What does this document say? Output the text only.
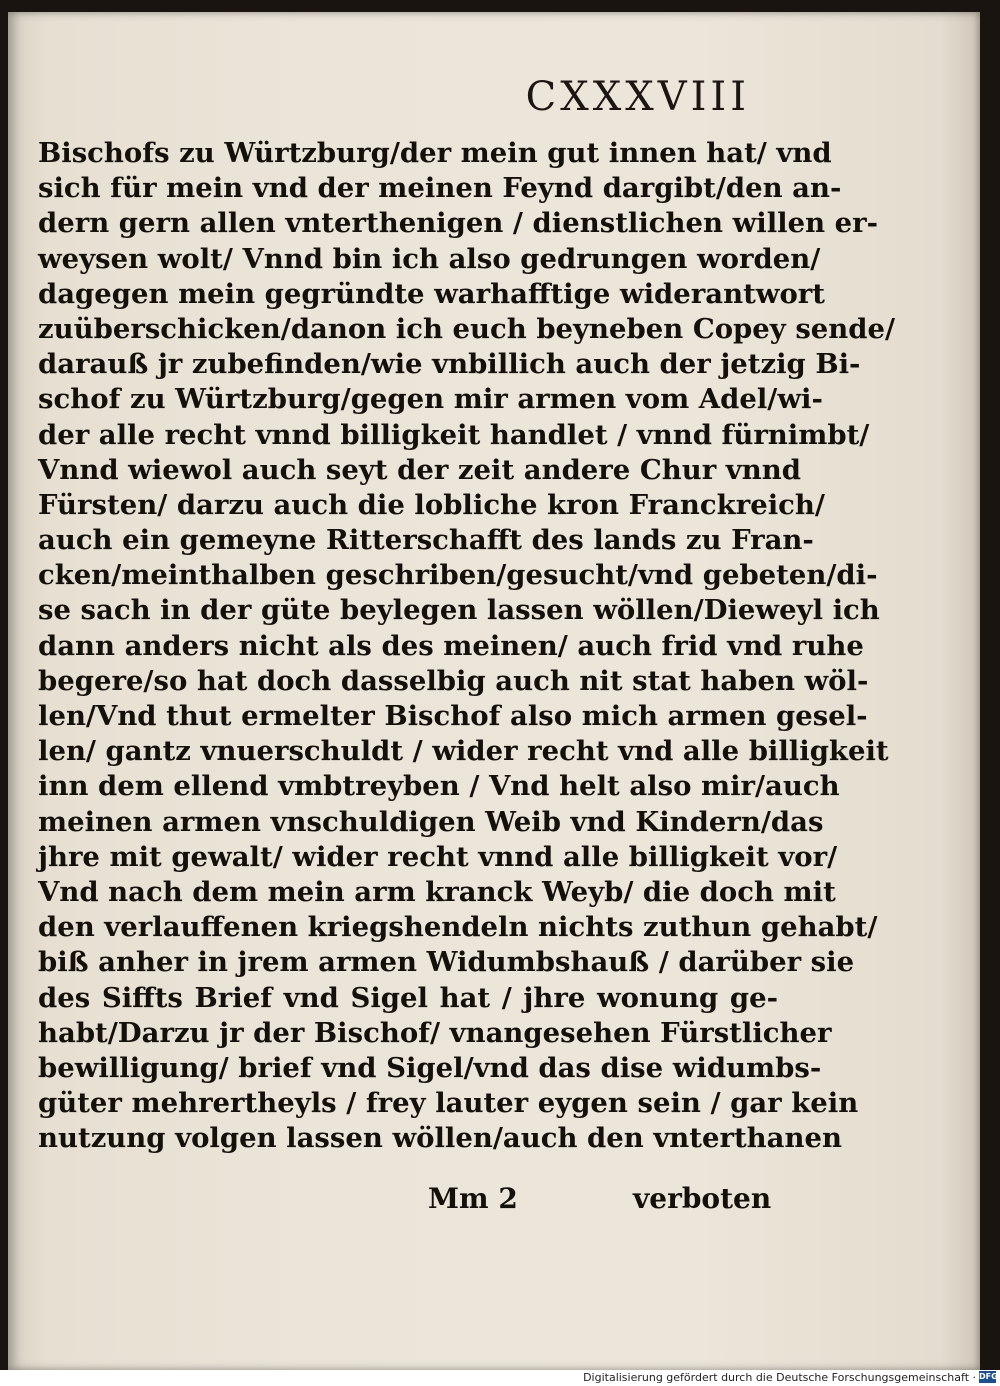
CXXXVIII
Bischofs zu Würtzburg/der mein gut innen hat/ vnd
sich für mein vnd der meinen Feynd dargibt/den an-
dern gern allen vnterthenigen / dienstlichen willen er-
weysen wolt/ Vnnd bin ich also gedrungen worden/
dagegen mein gegründte warhafftige widerantwort
zuüberschicken/danon ich euch beyneben Copey sende/
darauß jr zubefinden/wie vnbillich auch der jetzig Bi-
schof zu Würtzburg/gegen mir armen vom Adel/wi-
der alle recht vnnd billigkeit handlet / vnnd fürnimbt/
Vnnd wiewol auch seyt der zeit andere Chur vnnd
Fürsten/ darzu auch die lobliche kron Franckreich/
auch ein gemeyne Ritterschafft des lands zu Fran-
cken/meinthalben geschriben/gesucht/vnd gebeten/di-
se sach in der güte beylegen lassen wöllen/Dieweyl ich
dann anders nicht als des meinen/ auch frid vnd ruhe
begere/so hat doch dasselbig auch nit stat haben wöl-
len/Vnd thut ermelter Bischof also mich armen gesel-
len/ gantz vnuerschuldt / wider recht vnd alle billigkeit
inn dem ellend vmbtreyben / Vnd helt also mir/auch
meinen armen vnschuldigen Weib vnd Kindern/das
jhre mit gewalt/ wider recht vnnd alle billigkeit vor/
Vnd nach dem mein arm kranck Weyb/ die doch mit
den verlauffenen kriegshendeln nichts zuthun gehabt/
biß anher in jrem armen Widumbshauß / darüber sie
des Siffts Brief vnd Sigel hat / jhre wonung ge-
habt/Darzu jr der Bischof/ vnangesehen Fürstlicher
bewilligung/ brief vnd Sigel/vnd das dise widumbs-
güter mehrertheyls / frey lauter eygen sein / gar kein
nutzung volgen lassen wöllen/auch den vnterthanen
Mm 2	verboten
Digitalisierung gefördert durch die Deutsche Forschungsgemeinschaft · DFG
